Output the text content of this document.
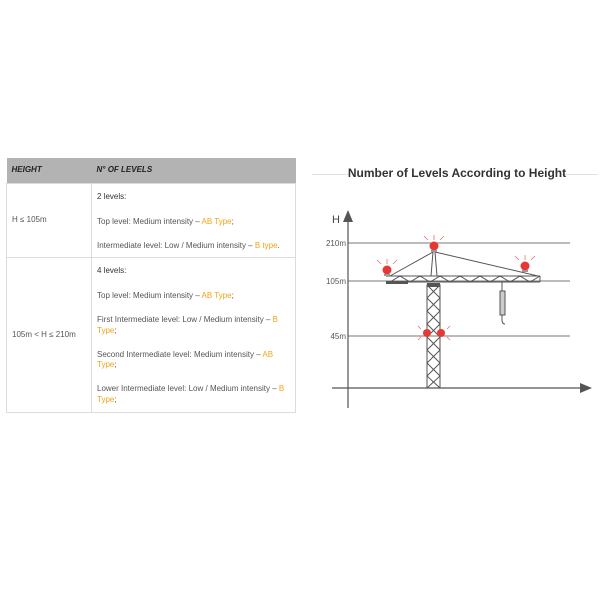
HEIGHT	N° OF LEVELS
H ≤ 105m	2 levels:
Top level: Medium intensity – AB Type;
Intermediate level: Low / Medium intensity – B type.

105m < H ≤ 210m	4 levels:
Top level: Medium intensity – AB Type;
First Intermediate level: Low / Medium intensity – B Type;
Second Intermediate level: Medium intensity – AB Type;
Lower Intermediate level: Low / Medium intensity – B Type;
Number of Levels According to Height
H
210m
105m
45m
